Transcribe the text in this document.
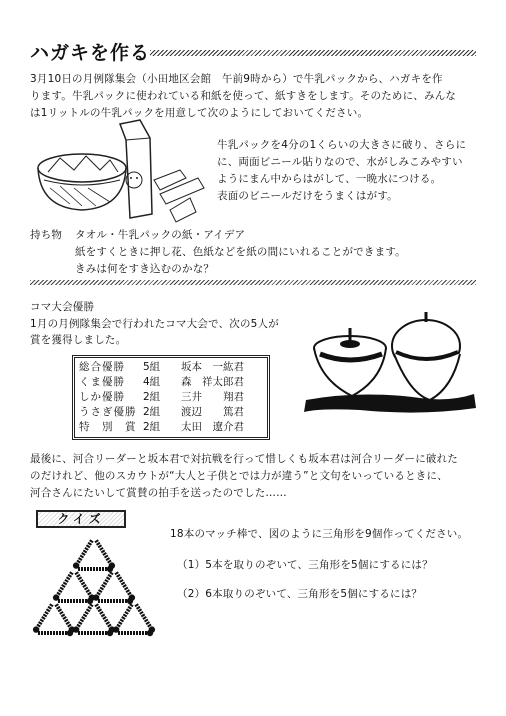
ハガキを作る
3月10日の月例隊集会（小田地区会館　午前9時から）で牛乳パックから、ハガキを作
ります。牛乳パックに使われている和紙を使って、紙すきをします。そのために、みんな
は1リットルの牛乳パックを用意して次のようにしておいてください。
牛乳パックを4分の1くらいの大きさに破り、さらに
に、両面ビニール貼りなので、水がしみこみやすい
ようにまん中からはがして、一晩水につける。
表面のビニールだけをうまくはがす。
持ち物 タオル・牛乳パックの紙・アイデア
紙をすくときに押し花、色紙などを紙の間にいれることができます。
きみは何をすき込むのかな？
コマ大会優勝
1月の月例隊集会で行われたコマ大会で、次の5人が
賞を獲得しました。
総合優勝	5組	坂本　一紘君
くま優勝	4組	森　祥太郎君
しか優勝	2組	三井　　翔君
うさぎ優勝 2組	渡辺　　篤君
特　別　賞 2組	太田　遼介君
最後に、河合リーダーと坂本君で対抗戦を行って惜しくも坂本君は河合リーダーに破れた
のだけれど、他のスカウトが“大人と子供とでは力が違う”と文句をいっているときに、
河合さんにたいして賞賛の拍手を送ったのでした……
クイズ
18本のマッチ棒で、図のように三角形を9個作ってください。
（1）5本を取りのぞいて、三角形を5個にするには？
（2）6本取りのぞいて、三角形を5個にするには？
